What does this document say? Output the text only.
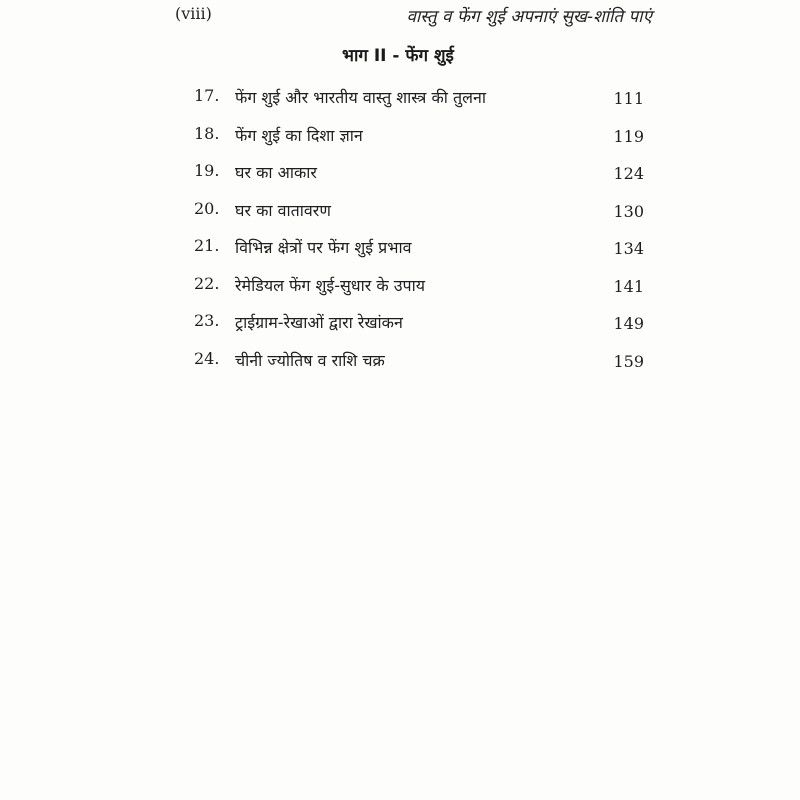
(viii)	वास्तु व फेंग शुई अपनाएं सुख-शांति पाएं
भाग II - फेंग शुई
17. फेंग शुई और भारतीय वास्तु शास्त्र की तुलना	111
18. फेंग शुई का दिशा ज्ञान	119
19. घर का आकार	124
20. घर का वातावरण	130
21. विभिन्न क्षेत्रों पर फेंग शुई प्रभाव	134
22. रेमेडियल फेंग शुई-सुधार के उपाय	141
23. ट्राईग्राम-रेखाओं द्वारा रेखांकन	149
24. चीनी ज्योतिष व राशि चक्र	159
